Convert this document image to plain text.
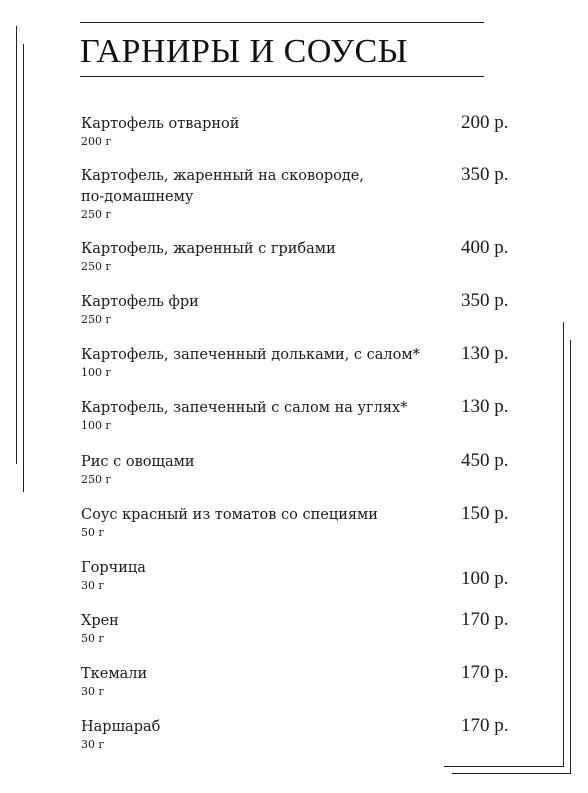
ГАРНИРЫ И СОУСЫ
Картофель отварной
200 г
200 р.
Картофель, жаренный на сковороде, по-домашнему
250 г
350 р.
Картофель, жаренный с грибами
250 г
400 р.
Картофель фри
250 г
350 р.
Картофель, запеченный дольками, с салом*
100 г
130 р.
Картофель, запеченный с салом на углях*
100 г
130 р.
Рис с овощами
250 г
450 р.
Соус красный из томатов со специями
50 г
150 р.
Горчица
30 г	100 р.
Хрен
50 г
170 р.
Ткемали
30 г
170 р.
Наршараб
30 г
170 р.
